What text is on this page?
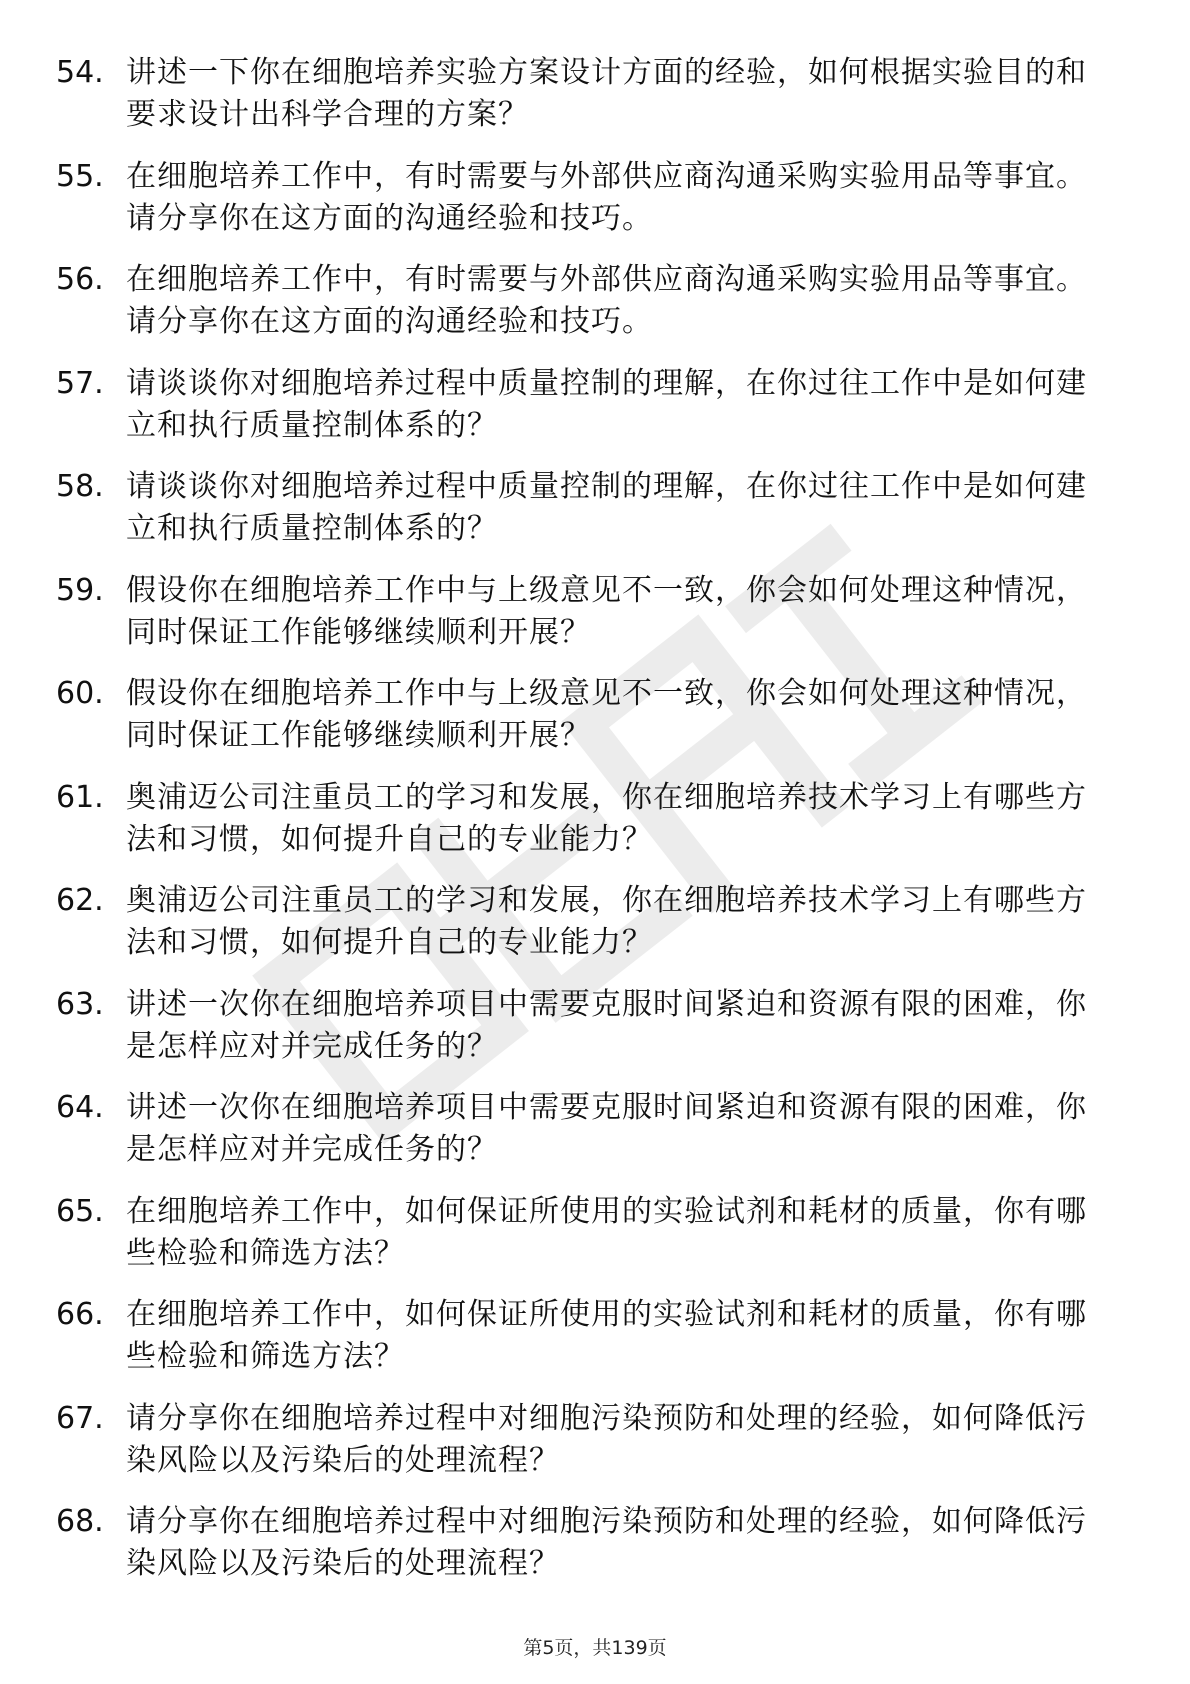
54. 讲述一下你在细胞培养实验方案设计方面的经验，如何根据实验目的和要求设计出科学合理的方案？
55. 在细胞培养工作中，有时需要与外部供应商沟通采购实验用品等事宜。请分享你在这方面的沟通经验和技巧。
56. 在细胞培养工作中，有时需要与外部供应商沟通采购实验用品等事宜。请分享你在这方面的沟通经验和技巧。
57. 请谈谈你对细胞培养过程中质量控制的理解，在你过往工作中是如何建立和执行质量控制体系的？
58. 请谈谈你对细胞培养过程中质量控制的理解，在你过往工作中是如何建立和执行质量控制体系的？
59. 假设你在细胞培养工作中与上级意见不一致，你会如何处理这种情况，同时保证工作能够继续顺利开展？
60. 假设你在细胞培养工作中与上级意见不一致，你会如何处理这种情况，同时保证工作能够继续顺利开展？
61. 奥浦迈公司注重员工的学习和发展，你在细胞培养技术学习上有哪些方法和习惯，如何提升自己的专业能力？
62. 奥浦迈公司注重员工的学习和发展，你在细胞培养技术学习上有哪些方法和习惯，如何提升自己的专业能力？
63. 讲述一次你在细胞培养项目中需要克服时间紧迫和资源有限的困难，你是怎样应对并完成任务的？
64. 讲述一次你在细胞培养项目中需要克服时间紧迫和资源有限的困难，你是怎样应对并完成任务的？
65. 在细胞培养工作中，如何保证所使用的实验试剂和耗材的质量，你有哪些检验和筛选方法？
66. 在细胞培养工作中，如何保证所使用的实验试剂和耗材的质量，你有哪些检验和筛选方法？
67. 请分享你在细胞培养过程中对细胞污染预防和处理的经验，如何降低污染风险以及污染后的处理流程？
68. 请分享你在细胞培养过程中对细胞污染预防和处理的经验，如何降低污染风险以及污染后的处理流程？
第5页，共139页
